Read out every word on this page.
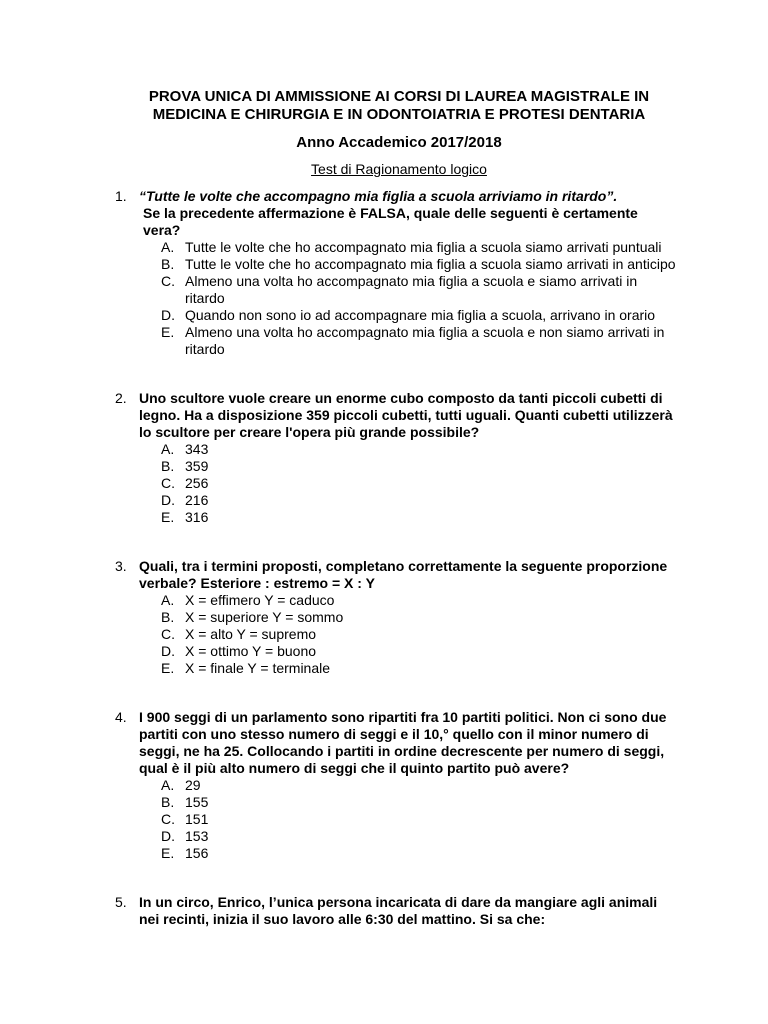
PROVA UNICA DI AMMISSIONE AI CORSI DI LAUREA MAGISTRALE IN MEDICINA E CHIRURGIA E IN ODONTOIATRIA E PROTESI DENTARIA
Anno Accademico 2017/2018
Test di Ragionamento logico
1. “Tutte le volte che accompagno mia figlia a scuola arriviamo in ritardo”.
Se la precedente affermazione è FALSA, quale delle seguenti è certamente vera?
A. Tutte le volte che ho accompagnato mia figlia a scuola siamo arrivati puntuali
B. Tutte le volte che ho accompagnato mia figlia a scuola siamo arrivati in anticipo
C. Almeno una volta ho accompagnato mia figlia a scuola e siamo arrivati in ritardo
D. Quando non sono io ad accompagnare mia figlia a scuola, arrivano in orario
E. Almeno una volta ho accompagnato mia figlia a scuola e non siamo arrivati in ritardo
2. Uno scultore vuole creare un enorme cubo composto da tanti piccoli cubetti di legno. Ha a disposizione 359 piccoli cubetti, tutti uguali. Quanti cubetti utilizzerà lo scultore per creare l'opera più grande possibile?
A. 343
B. 359
C. 256
D. 216
E. 316
3. Quali, tra i termini proposti, completano correttamente la seguente proporzione verbale? Esteriore : estremo = X : Y
A. X = effimero Y = caduco
B. X = superiore Y = sommo
C. X = alto Y = supremo
D. X = ottimo Y = buono
E. X = finale Y = terminale
4. I 900 seggi di un parlamento sono ripartiti fra 10 partiti politici. Non ci sono due partiti con uno stesso numero di seggi e il 10,° quello con il minor numero di seggi, ne ha 25. Collocando i partiti in ordine decrescente per numero di seggi, qual è il più alto numero di seggi che il quinto partito può avere?
A. 29
B. 155
C. 151
D. 153
E. 156
5. In un circo, Enrico, l’unica persona incaricata di dare da mangiare agli animali nei recinti, inizia il suo lavoro alle 6:30 del mattino. Si sa che:
